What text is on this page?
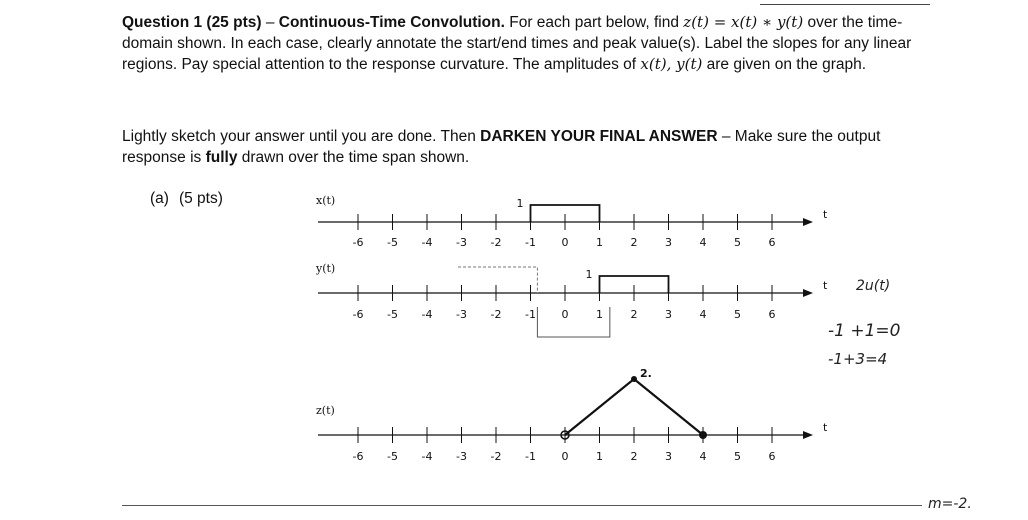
Question 1 (25 pts) – Continuous-Time Convolution. For each part below, find z(t) = x(t) ∗ y(t) over the time-domain shown. In each case, clearly annotate the start/end times and peak value(s). Label the slopes for any linear regions. Pay special attention to the response curvature. The amplitudes of x(t), y(t) are given on the graph.
Lightly sketch your answer until you are done. Then DARKEN YOUR FINAL ANSWER – Make sure the output response is fully drawn over the time span shown.
(a) (5 pts)	x(t)
t
-6 -5 -4 -3 -2 -1 0	1	2	3	4	5	6
1
y(t)
t
-6 -5 -4 -3 -2 -1 0	1	2	3	4	5	6
1
z(t)
t
-6 -5 -4 -3 -2 -1 0	1	2	3	4	5	6
2.
2u(t)
-1 +1=0
-1+3=4
m=-2.
